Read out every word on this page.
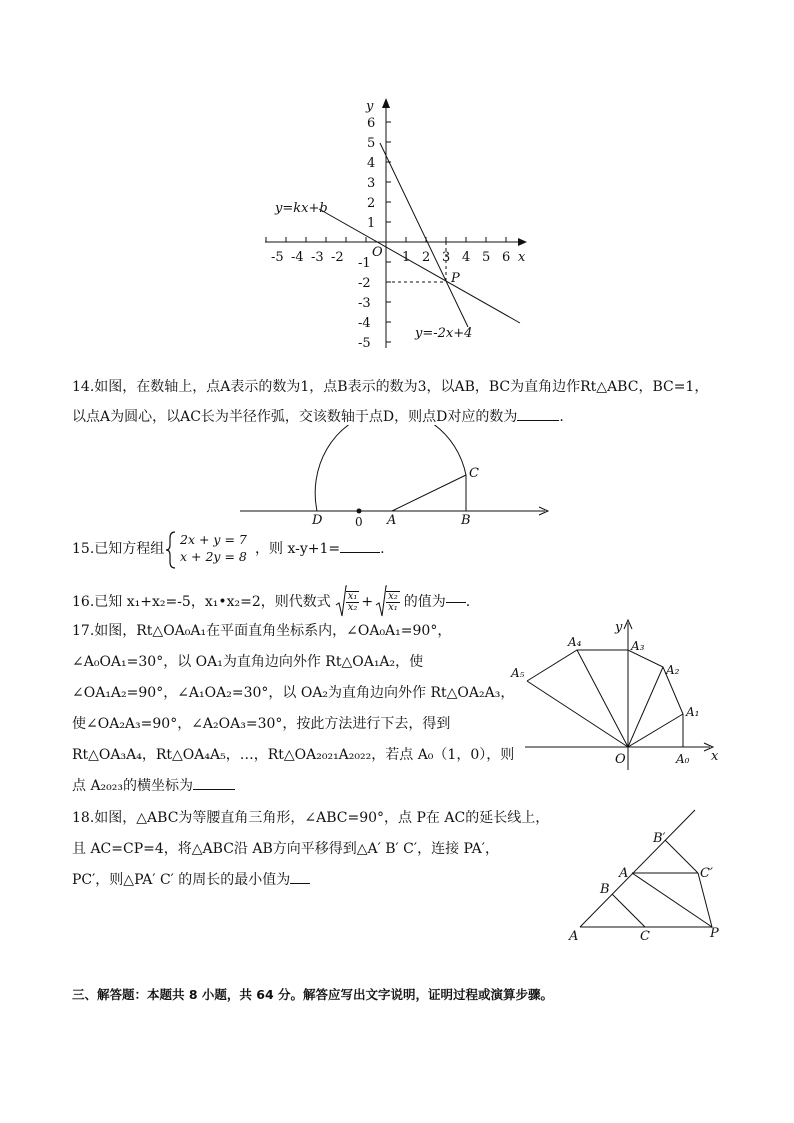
y
x
O
6
5
4
3
2
1
-1
-2
-3
-4
-5
-5 -4 -3 -2	1 2 3 4 5 6
y=kx+b
y=-2x+4
P
14.如图，在数轴上，点A表示的数为1，点B表示的数为3，以AB，BC为直角边作Rt△ABC，BC=1，
以点A为圆心，以AC长为半径作弧，交该数轴于点D，则点D对应的数为	.
D	0 A	B
C
15.已知方程组
2x + y = 7
x + 2y = 8 ，则 x-y+1=	.
16.已知 x₁+x₂=-5，x₁•x₂=2，则代数式 $\frac{\text{x₁}}{\text{x₂}} + \frac{\text{x₂}}{\text{x₁}}$ 的值为 .
17.如图，Rt△OA₀A₁在平面直角坐标系内，∠OA₀A₁=90°，
∠A₀OA₁=30°，以 OA₁为直角边向外作 Rt△OA₁A₂，使
∠OA₁A₂=90°，∠A₁OA₂=30°，以 OA₂为直角边向外作 Rt△OA₂A₃，
使∠OA₂A₃=90°，∠A₂OA₃=30°，按此方法进行下去，得到
Rt△OA₃A₄，Rt△OA₄A₅，…，Rt△OA₂₀₂₁A₂₀₂₂，若点 A₀（1，0），则
点 A₂₀₂₃的横坐标为
y
x
O	A₀
A₁
A₂
A₃
A₄
A₅
18.如图，△ABC为等腰直角三角形，∠ABC=90°，点 P在 AC的延长线上，
且 AC=CP=4，将△ABC沿 AB方向平移得到△A′ B′ C′，连接 PA′，
PC′，则△PA′ C′ 的周长的最小值为
A	C	P
B
A	C′
B′
三、解答题：本题共 8 小题，共 64 分。解答应写出文字说明，证明过程或演算步骤。
